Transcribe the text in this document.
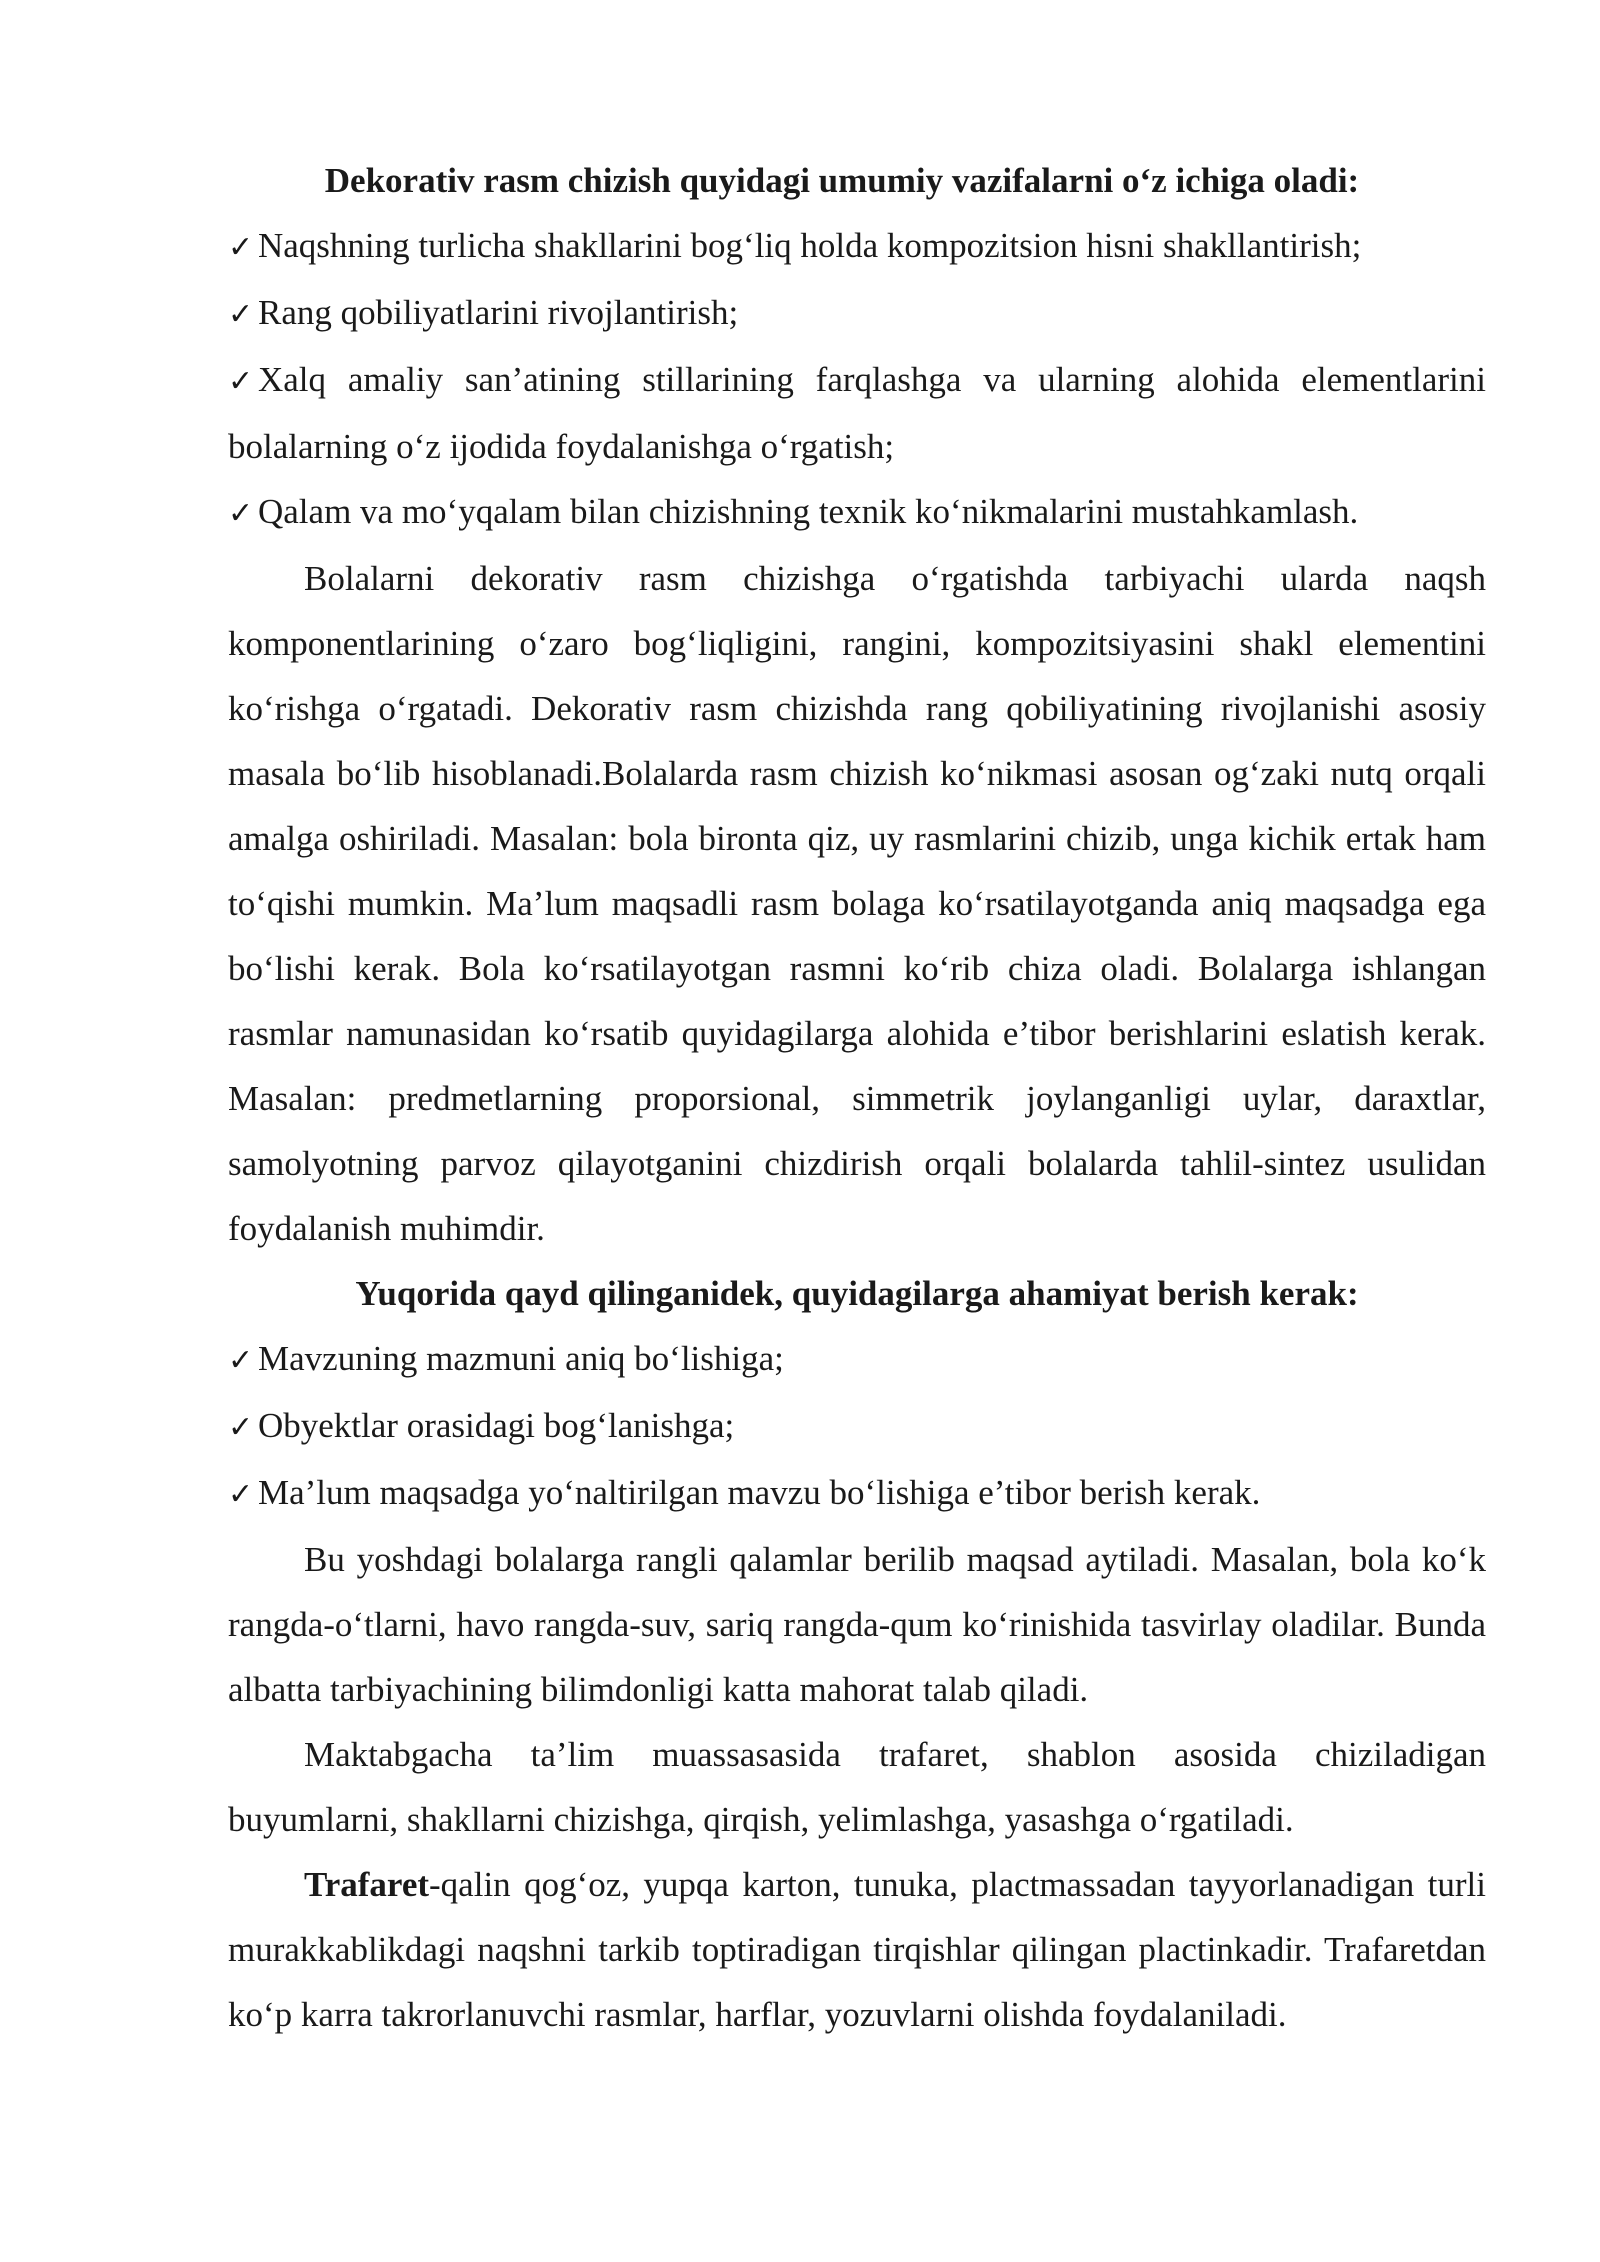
Dekorativ rasm chizish quyidagi umumiy vazifalarni o‘z ichiga oladi:
✓ Naqshning turlicha shakllarini bog‘liq holda kompozitsion hisni shakllantirish;
✓ Rang qobiliyatlarini rivojlantirish;
✓ Xalq amaliy san’atining stillarining farqlashga va ularning alohida elementlarini bolalarning o‘z ijodida foydalanishga o‘rgatish;
✓ Qalam va mo‘yqalam bilan chizishning texnik ko‘nikmalarini mustahkamlash.

Bolalarni dekorativ rasm chizishga o‘rgatishda tarbiyachi ularda naqsh komponentlarining o‘zaro bog‘liqligini, rangini, kompozitsiyasini shakl elementini ko‘rishga o‘rgatadi. Dekorativ rasm chizishda rang qobiliyatining rivojlanishi asosiy masala bo‘lib hisoblanadi.Bolalarda rasm chizish ko‘nikmasi asosan og‘zaki nutq orqali amalga oshiriladi. Masalan: bola bironta qiz, uy rasmlarini chizib, unga kichik ertak ham to‘qishi mumkin. Ma’lum maqsadli rasm bolaga ko‘rsatilayotganda aniq maqsadga ega bo‘lishi kerak. Bola ko‘rsatilayotgan rasmni ko‘rib chiza oladi. Bolalarga ishlangan rasmlar namunasidan ko‘rsatib quyidagilarga alohida e’tibor berishlarini eslatish kerak. Masalan: predmetlarning proporsional, simmetrik joylanganligi uylar, daraxtlar, samolyotning parvoz qilayotganini chizdirish orqali bolalarda tahlil-sintez usulidan foydalanish muhimdir.

Yuqorida qayd qilinganidek, quyidagilarga ahamiyat berish kerak:
✓ Mavzuning mazmuni aniq bo‘lishiga;
✓ Obyektlar orasidagi bog‘lanishga;
✓ Ma’lum maqsadga yo‘naltirilgan mavzu bo‘lishiga e’tibor berish kerak.

Bu yoshdagi bolalarga rangli qalamlar berilib maqsad aytiladi. Masalan, bola ko‘k rangda-o‘tlarni, havo rangda-suv, sariq rangda-qum ko‘rinishida tasvirlay oladilar. Bunda albatta tarbiyachining bilimdonligi katta mahorat talab qiladi.

Maktabgacha ta’lim muassasasida trafaret, shablon asosida chiziladigan buyumlarni, shakllarni chizishga, qirqish, yelimlashga, yasashga o‘rgatiladi.

Trafaret-qalin qog‘oz, yupqa karton, tunuka, plactmassadan tayyorlanadigan turli murakkablikdagi naqshni tarkib toptiradigan tirqishlar qilingan plactinkadir. Trafaretdan ko‘p karra takrorlanuvchi rasmlar, harflar, yozuvlarni olishda foydalaniladi.
